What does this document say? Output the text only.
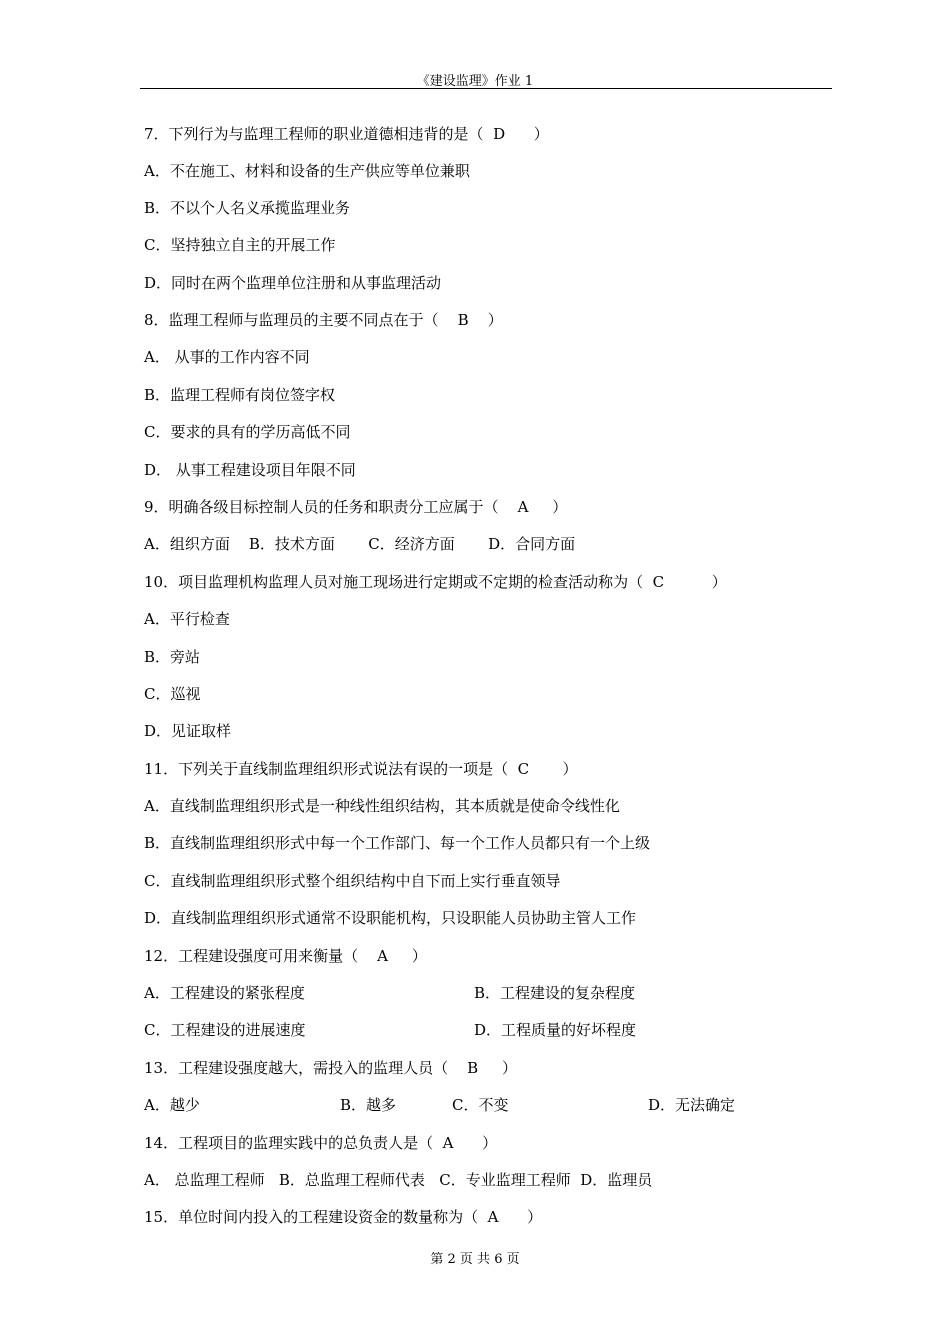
《建设监理》作业 1
7．下列行为与监理工程师的职业道德相违背的是（  D      ）
A．不在施工、材料和设备的生产供应等单位兼职
B．不以个人名义承揽监理业务
C．坚持独立自主的开展工作
D．同时在两个监理单位注册和从事监理活动
8．监理工程师与监理员的主要不同点在于（    B    ）
A． 从事的工作内容不同
B．监理工程师有岗位签字权
C．要求的具有的学历高低不同
D． 从事工程建设项目年限不同
9．明确各级目标控制人员的任务和职责分工应属于（    A     ）
A．组织方面    B．技术方面       C．经济方面       D．合同方面
10．项目监理机构监理人员对施工现场进行定期或不定期的检查活动称为（  C          ）
A．平行检查
B．旁站
C．巡视
D．见证取样
11．下列关于直线制监理组织形式说法有误的一项是（  C       ）
A．直线制监理组织形式是一种线性组织结构，其本质就是使命令线性化
B．直线制监理组织形式中每一个工作部门、每一个工作人员都只有一个上级
C．直线制监理组织形式整个组织结构中自下而上实行垂直领导
D．直线制监理组织形式通常不设职能机构，只设职能人员协助主管人工作
12．工程建设强度可用来衡量（    A     ）
A．工程建设的紧张程度	B．工程建设的复杂程度
C．工程建设的进展速度	D．工程质量的好坏程度
13．工程建设强度越大，需投入的监理人员（    B     ）
A．越少	B．越多	C．不变	D．无法确定
14．工程项目的监理实践中的总负责人是（  A      ）
A． 总监理工程师   B．总监理工程师代表   C．专业监理工程师  D．监理员
15．单位时间内投入的工程建设资金的数量称为（  A      ）
第 2 页 共 6 页
